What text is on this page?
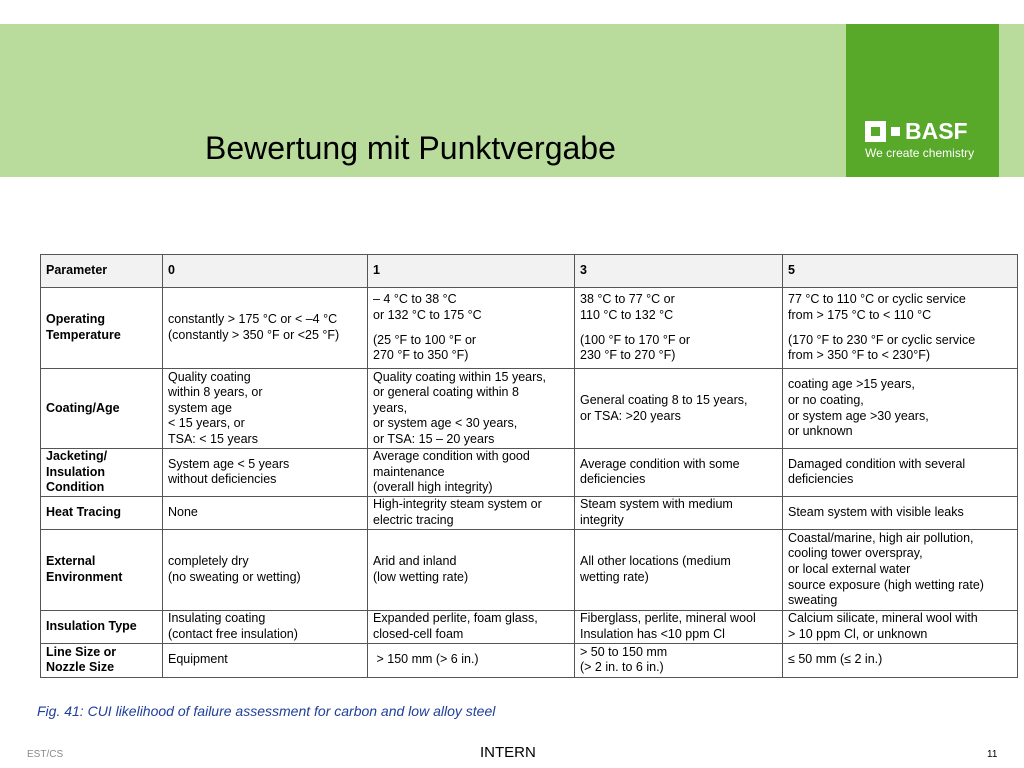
BASF
We create chemistry
Bewertung mit Punktvergabe
Parameter	0	1	3	5

Operating
Temperature	constantly > 175 °C or < –4 °C
(constantly > 350 °F or <25 °F)	– 4 °C to 38 °C
or 132 °C to 175 °C
(25 °F to 100 °F or
270 °F to 350 °F)	38 °C to 77 °C or
110 °C to 132 °C
(100 °F to 170 °F or
230 °F to 270 °F)	77 °C to 110 °C or cyclic service
from > 175 °C to < 110 °C
(170 °F to 230 °F or cyclic service
from > 350 °F to < 230°F)

Coating/Age	Quality coating
within 8 years, or
system age
< 15 years, or
TSA: < 15 years	Quality coating within 15 years,
or general coating within 8
years,
or system age < 30 years,
or TSA: 15 – 20 years	General coating 8 to 15 years,
or TSA: >20 years	coating age >15 years,
or no coating,
or system age >30 years,
or unknown

Jacketing/
Insulation
Condition	System age < 5 years
without deficiencies	Average condition with good
maintenance
(overall high integrity)	Average condition with some
deficiencies	Damaged condition with several
deficiencies

Heat Tracing	None	High-integrity steam system or
electric tracing	Steam system with medium
integrity	Steam system with visible leaks

External
Environment	completely dry
(no sweating or wetting)	Arid and inland
(low wetting rate)	All other locations (medium
wetting rate)	Coastal/marine, high air pollution,
cooling tower overspray,
or local external water
source exposure (high wetting rate)
sweating

Insulation Type	Insulating coating
(contact free insulation)	Expanded perlite, foam glass,
closed-cell foam	Fiberglass, perlite, mineral wool
Insulation has <10 ppm Cl	Calcium silicate, mineral wool with
> 10 ppm Cl, or unknown

Line Size or
Nozzle Size	Equipment	> 150 mm (> 6 in.)	> 50 to 150 mm
(> 2 in. to 6 in.)	≤ 50 mm (≤ 2 in.)
Fig. 41: CUI likelihood of failure assessment for carbon and low alloy steel
EST/CS	INTERN	11
